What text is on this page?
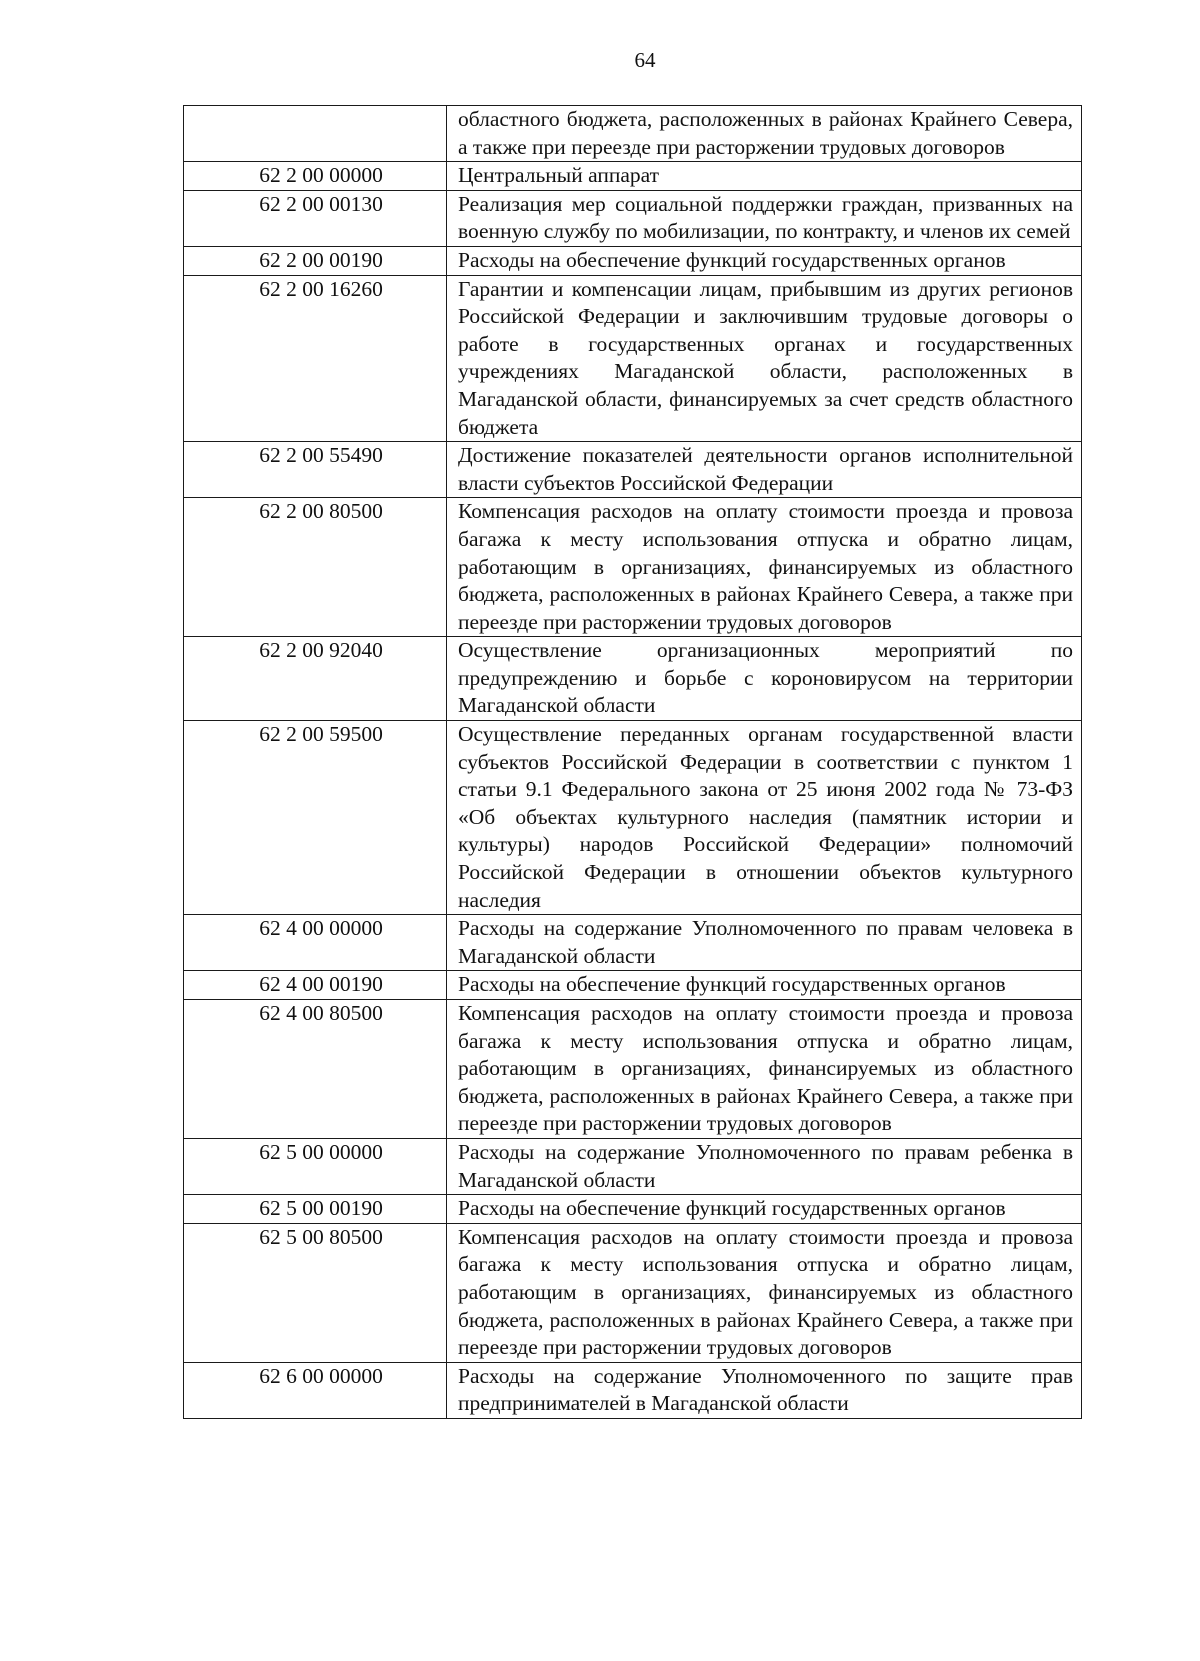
64
	областного бюджета, расположенных в районах Крайнего Севера, а также при переезде при расторжении трудовых договоров
62 2 00 00000	Центральный аппарат
62 2 00 00130	Реализация мер социальной поддержки граждан, призванных на военную службу по мобилизации, по контракту, и членов их семей
62 2 00 00190	Расходы на обеспечение функций государственных органов
62 2 00 16260	Гарантии и компенсации лицам, прибывшим из других регионов Российской Федерации и заключившим трудовые договоры о работе в государственных органах и государственных учреждениях Магаданской области, расположенных в Магаданской области, финансируемых за счет средств областного бюджета
62 2 00 55490	Достижение показателей деятельности органов исполнительной власти субъектов Российской Федерации
62 2 00 80500	Компенсация расходов на оплату стоимости проезда и провоза багажа к месту использования отпуска и обратно лицам, работающим в организациях, финансируемых из областного бюджета, расположенных в районах Крайнего Севера, а также при переезде при расторжении трудовых договоров
62 2 00 92040	Осуществление организационных мероприятий по предупреждению и борьбе с короновирусом на территории Магаданской области
62 2 00 59500	Осуществление переданных органам государственной власти субъектов Российской Федерации в соответствии с пунктом 1 статьи 9.1 Федерального закона от 25 июня 2002 года № 73-ФЗ «Об объектах культурного наследия (памятник истории и культуры) народов Российской Федерации» полномочий Российской Федерации в отношении объектов культурного наследия
62 4 00 00000	Расходы на содержание Уполномоченного по правам человека в Магаданской области
62 4 00 00190	Расходы на обеспечение функций государственных органов
62 4 00 80500	Компенсация расходов на оплату стоимости проезда и провоза багажа к месту использования отпуска и обратно лицам, работающим в организациях, финансируемых из областного бюджета, расположенных в районах Крайнего Севера, а также при переезде при расторжении трудовых договоров
62 5 00 00000	Расходы на содержание Уполномоченного по правам ребенка в Магаданской области
62 5 00 00190	Расходы на обеспечение функций государственных органов
62 5 00 80500	Компенсация расходов на оплату стоимости проезда и провоза багажа к месту использования отпуска и обратно лицам, работающим в организациях, финансируемых из областного бюджета, расположенных в районах Крайнего Севера, а также при переезде при расторжении трудовых договоров
62 6 00 00000	Расходы на содержание Уполномоченного по защите прав предпринимателей в Магаданской области
